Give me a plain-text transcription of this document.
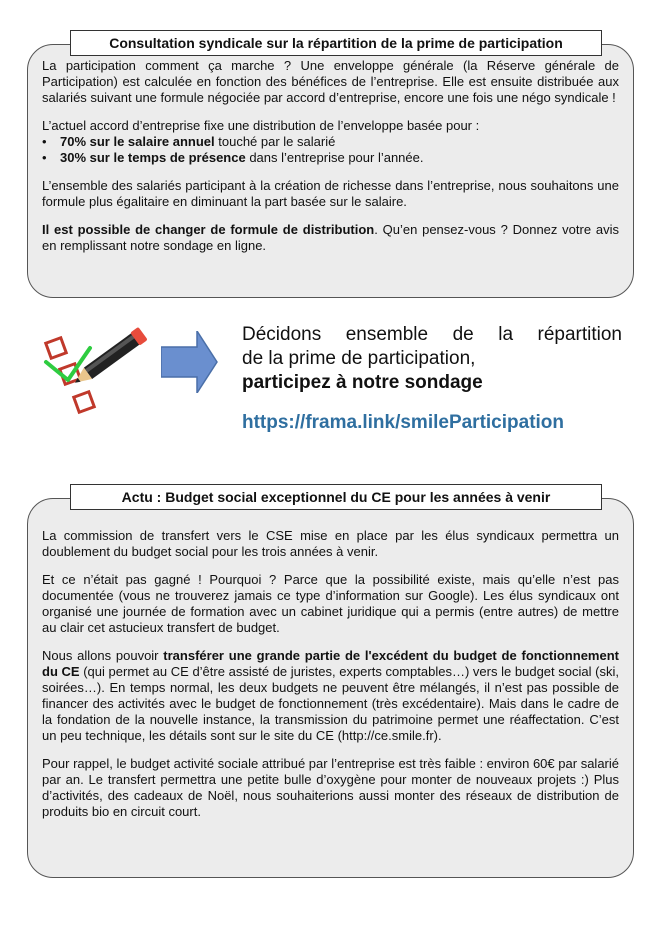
Consultation syndicale sur la répartition de la prime de participation

La participation comment ça marche ? Une enveloppe générale (la Réserve générale de Participation) est calculée en fonction des bénéfices de l’entreprise. Elle est ensuite distribuée aux salariés suivant une formule négociée par accord d’entreprise, encore une fois une négo syndicale !

L’actuel accord d’entreprise fixe une distribution de l’enveloppe basée pour :
• 70% sur le salaire annuel touché par le salarié
• 30% sur le temps de présence dans l’entreprise pour l’année.

L’ensemble des salariés participant à la création de richesse dans l’entreprise, nous souhaitons une formule plus égalitaire en diminuant la part basée sur le salaire.

Il est possible de changer de formule de distribution. Qu’en pensez-vous ? Donnez votre avis en remplissant notre sondage en ligne.

Décidons ensemble de la répartition
de la prime de participation,
participez à notre sondage
https://frama.link/smileParticipation
Actu : Budget social exceptionnel du CE pour les années à venir

La commission de transfert vers le CSE mise en place par les élus syndicaux permettra un doublement du budget social pour les trois années à venir.

Et ce n’était pas gagné ! Pourquoi ? Parce que la possibilité existe, mais qu’elle n’est pas documentée (vous ne trouverez jamais ce type d’information sur Google). Les élus syndicaux ont organisé une journée de formation avec un cabinet juridique qui a permis (entre autres) de mettre au clair cet astucieux transfert de budget.

Nous allons pouvoir transférer une grande partie de l'excédent du budget de fonctionnement du CE (qui permet au CE d’être assisté de juristes, experts comptables…) vers le budget social (ski, soirées…). En temps normal, les deux budgets ne peuvent être mélangés, il n’est pas possible de financer des activités avec le budget de fonctionnement (très excédentaire). Mais dans le cadre de la fondation de la nouvelle instance, la transmission du patrimoine permet une réaffectation. C’est un peu technique, les détails sont sur le site du CE (http://ce.smile.fr).

Pour rappel, le budget activité sociale attribué par l’entreprise est très faible : environ 60€ par salarié par an. Le transfert permettra une petite bulle d’oxygène pour monter de nouveaux projets :) Plus d’activités, des cadeaux de Noël, nous souhaiterions aussi monter des réseaux de distribution de produits bio en circuit court.
